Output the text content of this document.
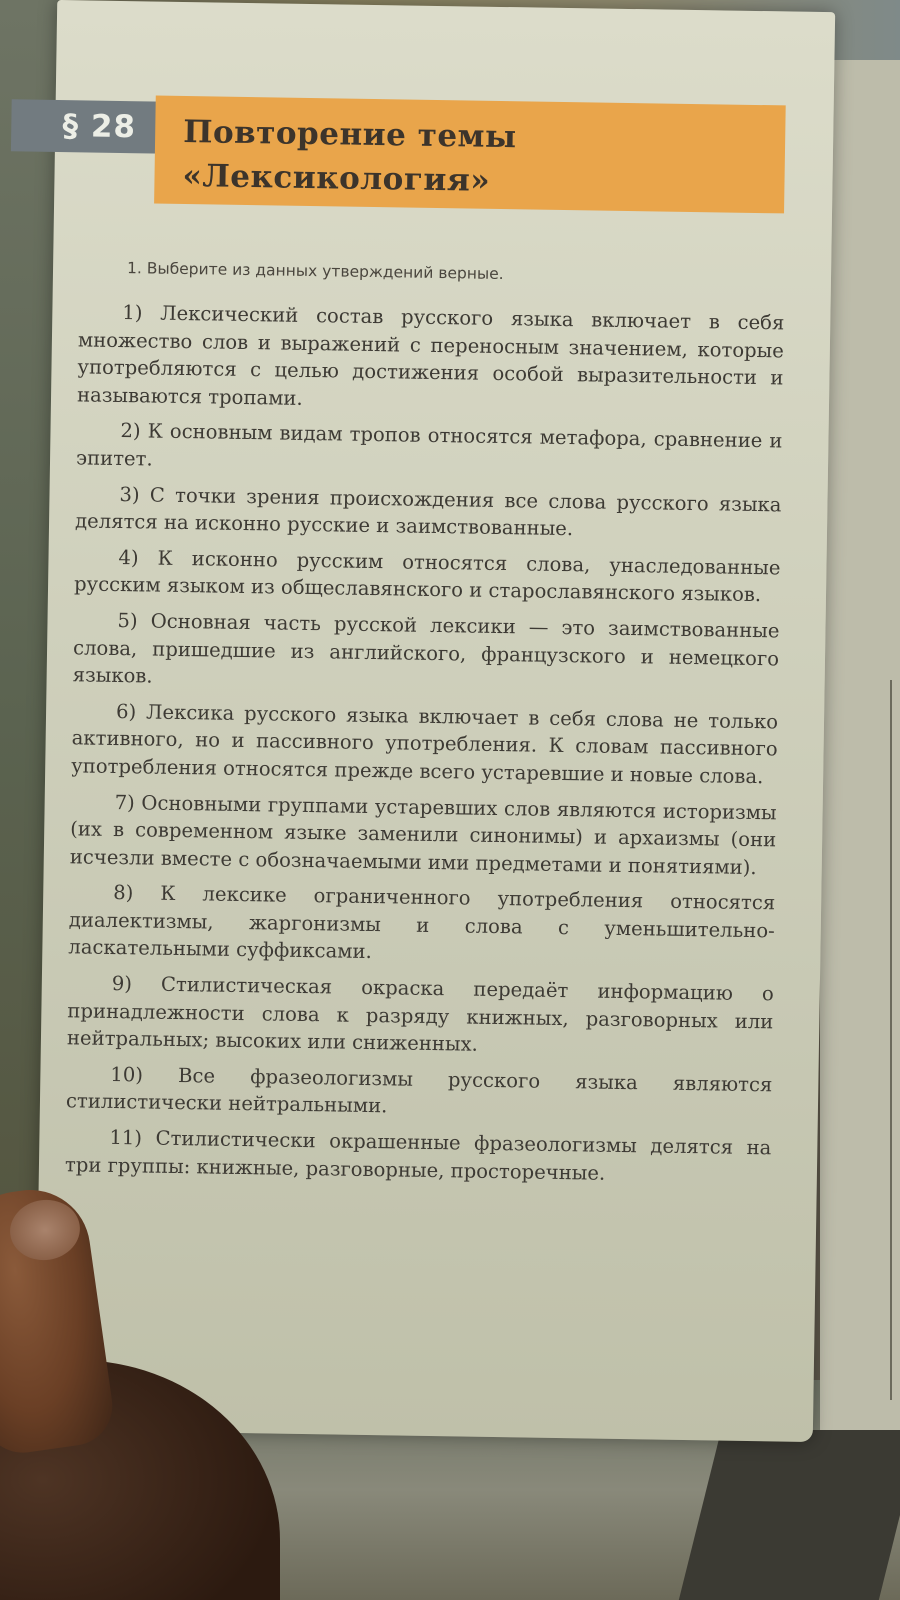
§ 28	Повторение темы «Лексикология»
1. Выберите из данных утверждений верные.

1) Лексический состав русского языка включает в себя множество слов и выражений с переносным значением, которые употребляются с целью достижения особой выразительности и называются тропами.

2) К основным видам тропов относятся метафора, сравнение и эпитет.

3) С точки зрения происхождения все слова русского языка делятся на исконно русские и заимствованные.

4) К исконно русским относятся слова, унаследованные русским языком из общеславянского и старославянского языков.

5) Основная часть русской лексики — это заимствованные слова, пришедшие из английского, французского и немецкого языков.

6) Лексика русского языка включает в себя слова не только активного, но и пассивного употребления. К словам пассивного употребления относятся прежде всего устаревшие и новые слова.

7) Основными группами устаревших слов являются историзмы (их в современном языке заменили синонимы) и архаизмы (они исчезли вместе с обозначаемыми ими предметами и понятиями).

8) К лексике ограниченного употребления относятся диалектизмы, жаргонизмы и слова с уменьшительно-ласкательными суффиксами.

9) Стилистическая окраска передаёт информацию о принадлежности слова к разряду книжных, разговорных или нейтральных; высоких или сниженных.

10) Все фразеологизмы русского языка являются стилистически нейтральными.

11) Стилистически окрашенные фразеологизмы делятся на три группы: книжные, разговорные, просторечные.
